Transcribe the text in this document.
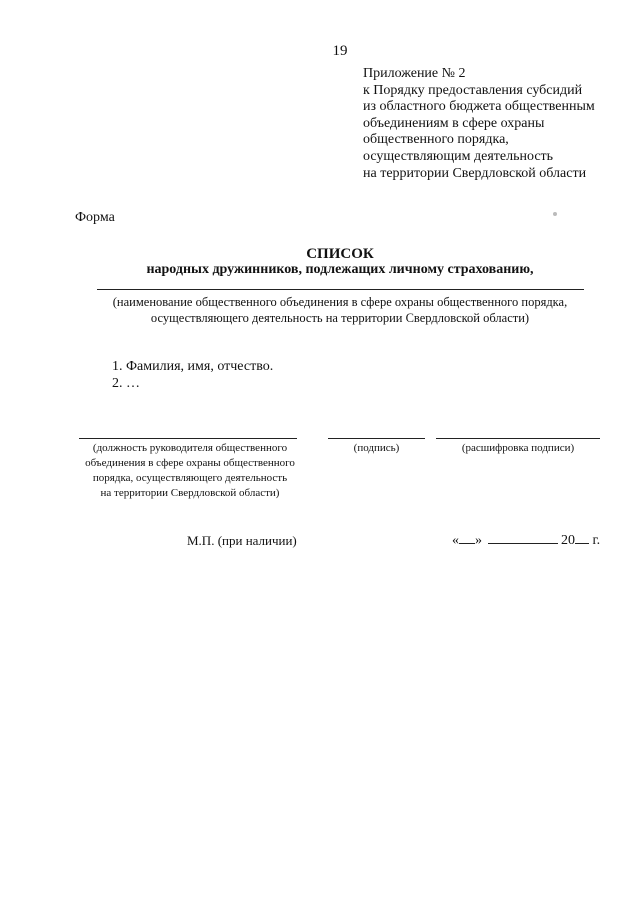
19
Приложение № 2
к Порядку предоставления субсидий
из областного бюджета общественным
объединениям в сфере охраны
общественного порядка,
осуществляющим деятельность
на территории Свердловской области
Форма
СПИСОК
народных дружинников, подлежащих личному страхованию,
(наименование общественного объединения в сфере охраны общественного порядка,
осуществляющего деятельность на территории Свердловской области)
1. Фамилия, имя, отчество.
2. …
(должность руководителя общественного
объединения в сфере охраны общественного
порядка, осуществляющего деятельность
на территории Свердловской области)
(подпись)	(расшифровка подписи)
М.П. (при наличии)	« »	20 г.
